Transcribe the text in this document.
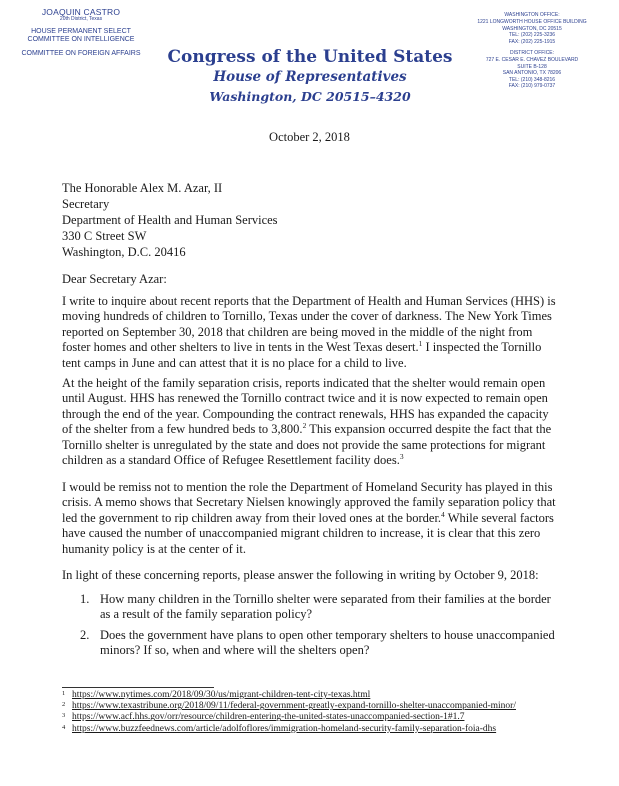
JOAQUIN CASTRO
20th District, Texas
HOUSE PERMANENT SELECT
COMMITTEE ON INTELLIGENCE
COMMITTEE ON FOREIGN AFFAIRS	Congress of the United States
House of Representatives
Washington, DC 20515–4320
WASHINGTON OFFICE:
1221 LONGWORTH HOUSE OFFICE BUILDING
WASHINGTON, DC 20515
TEL: (202) 225-3236
FAX: (202) 225-1915
DISTRICT OFFICE:
727 E. CESAR E. CHAVEZ BOULEVARD
SUITE B-128
SAN ANTONIO, TX 78206
TEL: (210) 348-8216
FAX: (210) 979-0737
October 2, 2018
The Honorable Alex M. Azar, II
Secretary
Department of Health and Human Services
330 C Street SW
Washington, D.C. 20416
Dear Secretary Azar:
I write to inquire about recent reports that the Department of Health and Human Services (HHS) is moving hundreds of children to Tornillo, Texas under the cover of darkness. The New York Times reported on September 30, 2018 that children are being moved in the middle of the night from foster homes and other shelters to live in tents in the West Texas desert.$^1$ I inspected the Tornillo tent camps in June and can attest that it is no place for a child to live.
At the height of the family separation crisis, reports indicated that the shelter would remain open until August. HHS has renewed the Tornillo contract twice and it is now expected to remain open through the end of the year. Compounding the contract renewals, HHS has expanded the capacity of the shelter from a few hundred beds to 3,800.$^2$ This expansion occurred despite the fact that the Tornillo shelter is unregulated by the state and does not provide the same protections for migrant children as a standard Office of Refugee Resettlement facility does.$^3$
I would be remiss not to mention the role the Department of Homeland Security has played in this crisis. A memo shows that Secretary Nielsen knowingly approved the family separation policy that led the government to rip children away from their loved ones at the border.$^4$ While several factors have caused the number of unaccompanied migrant children to increase, it is clear that this zero humanity policy is at the center of it.
In light of these concerning reports, please answer the following in writing by October 9, 2018:
1. How many children in the Tornillo shelter were separated from their families at the border as a result of the family separation policy?
2. Does the government have plans to open other temporary shelters to house unaccompanied minors? If so, when and where will the shelters open?
1 https://www.nytimes.com/2018/09/30/us/migrant-children-tent-city-texas.html
2 https://www.texastribune.org/2018/09/11/federal-government-greatly-expand-tornillo-shelter-unaccompanied-minor/
3 https://www.acf.hhs.gov/orr/resource/children-entering-the-united-states-unaccompanied-section-1#1.7
4 https://www.buzzfeednews.com/article/adolfoflores/immigration-homeland-security-family-separation-foia-dhs
